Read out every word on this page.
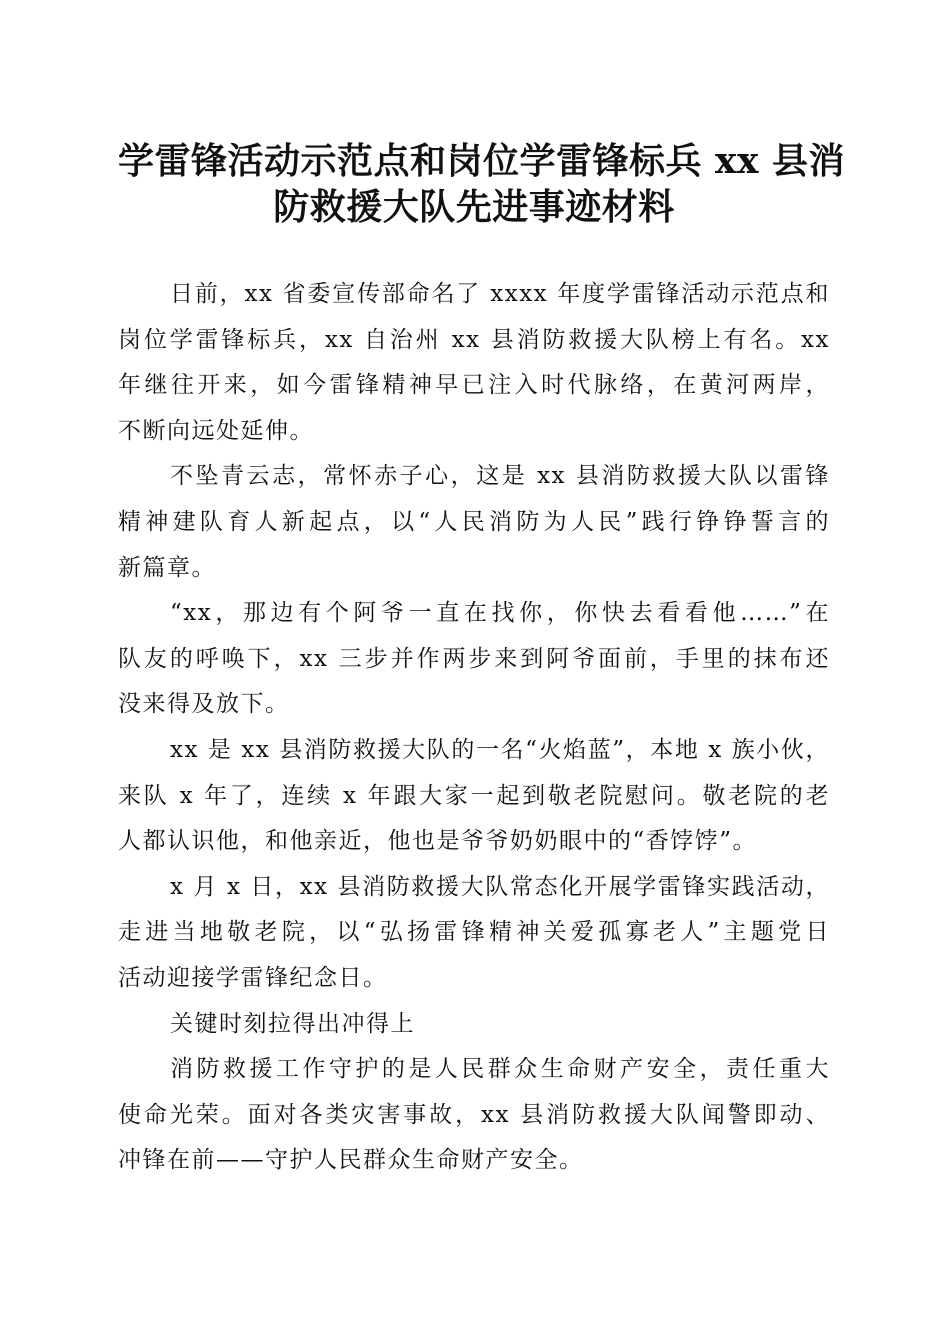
学雷锋活动示范点和岗位学雷锋标兵 xx 县消
防救援大队先进事迹材料

日前，xx 省委宣传部命名了 xxxx 年度学雷锋活动示范点和
岗位学雷锋标兵，xx 自治州 xx 县消防救援大队榜上有名。xx
年继往开来，如今雷锋精神早已注入时代脉络，在黄河两岸，
不断向远处延伸。

不坠青云志，常怀赤子心，这是 xx 县消防救援大队以雷锋
精神建队育人新起点，以“人民消防为人民”践行铮铮誓言的
新篇章。

“xx，那边有个阿爷一直在找你，你快去看看他……”在
队友的呼唤下，xx 三步并作两步来到阿爷面前，手里的抹布还
没来得及放下。

xx 是 xx 县消防救援大队的一名“火焰蓝”，本地 x 族小伙，
来队 x 年了，连续 x 年跟大家一起到敬老院慰问。敬老院的老
人都认识他，和他亲近，他也是爷爷奶奶眼中的“香饽饽”。

x 月 x 日，xx 县消防救援大队常态化开展学雷锋实践活动，
走进当地敬老院，以“弘扬雷锋精神关爱孤寡老人”主题党日
活动迎接学雷锋纪念日。

关键时刻拉得出冲得上

消防救援工作守护的是人民群众生命财产安全，责任重大
使命光荣。面对各类灾害事故，xx 县消防救援大队闻警即动、
冲锋在前——守护人民群众生命财产安全。
